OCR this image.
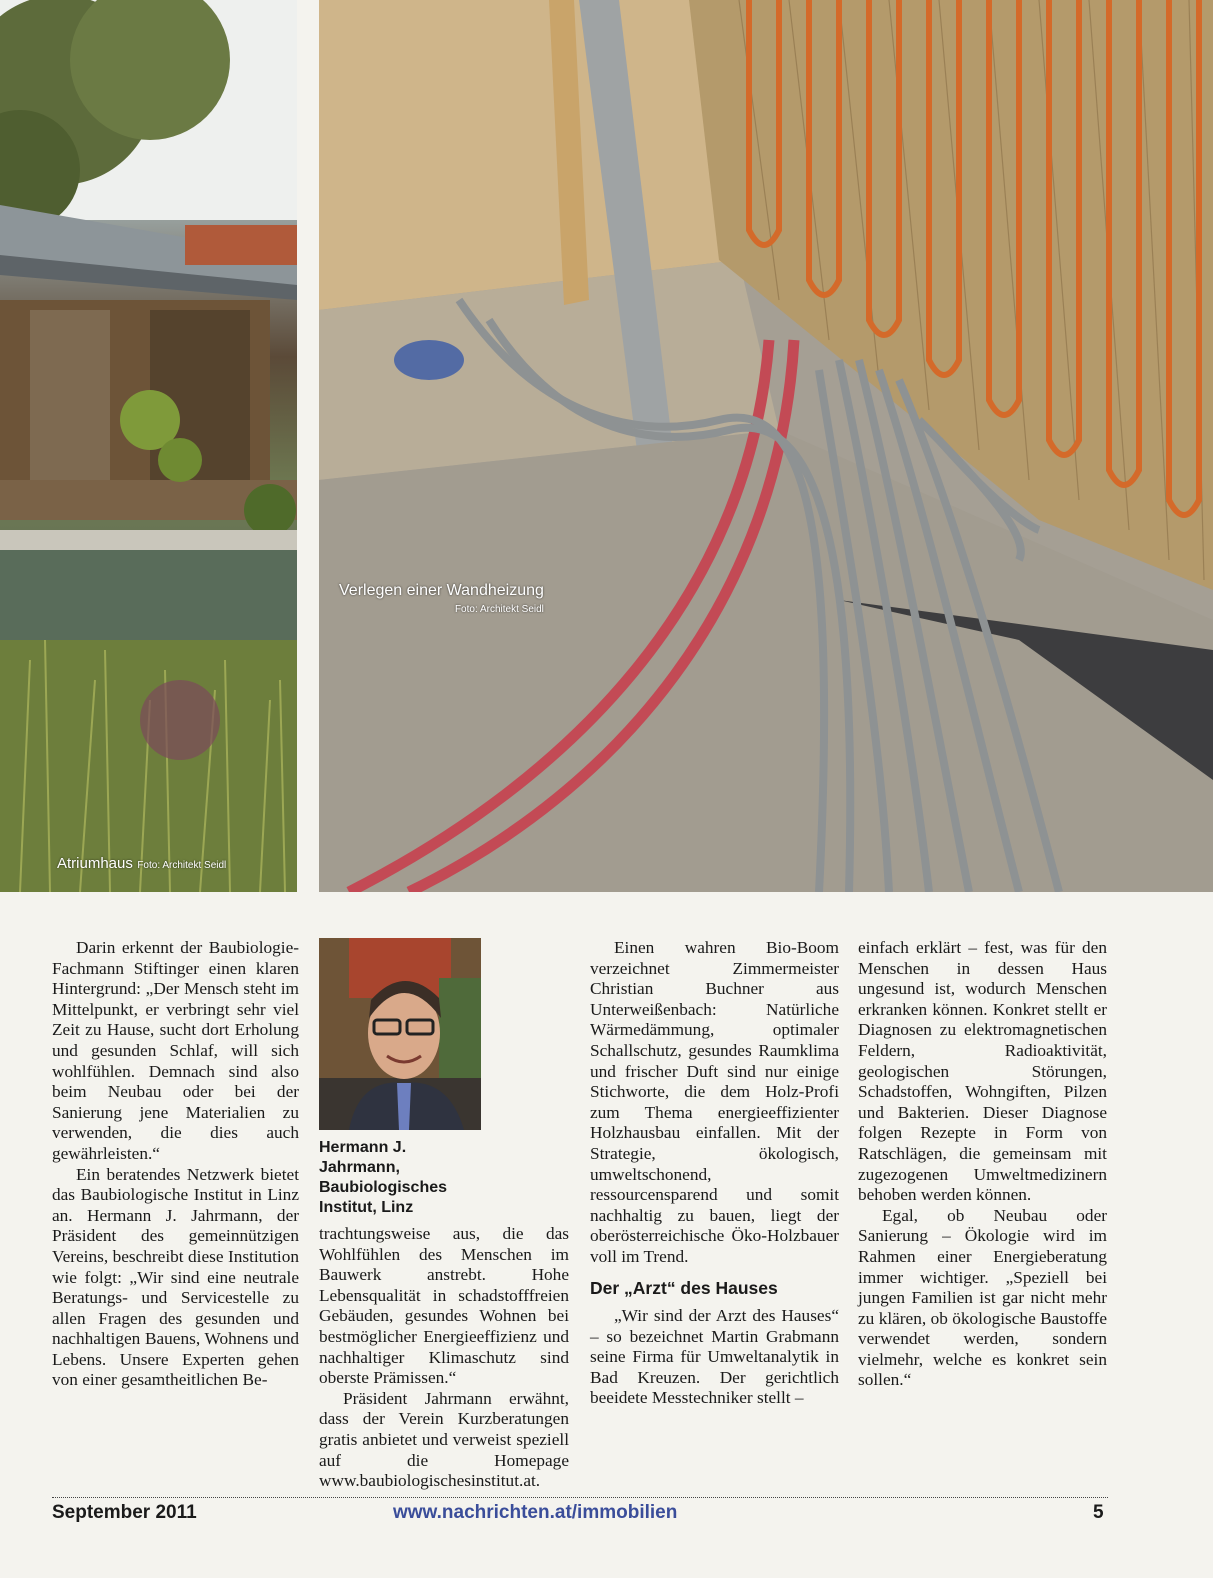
Atriumhaus Foto: Architekt Seidl
Verlegen einer Wandheizung
Foto: Architekt Seidl

Darin erkennt der Baubiologie-Fachmann Stiftinger einen klaren Hintergrund: „Der Mensch steht im Mittelpunkt, er verbringt sehr viel Zeit zu Hause, sucht dort Erholung und gesunden Schlaf, will sich wohlfühlen. Demnach sind also beim Neubau oder bei der Sanierung jene Materialien zu verwenden, die dies auch gewährleisten.“

Ein beratendes Netzwerk bietet das Baubiologische Institut in Linz an. Hermann J. Jahrmann, der Präsident des gemeinnützigen Vereins, beschreibt diese Institution wie folgt: „Wir sind eine neutrale Beratungs- und Servicestelle zu allen Fragen des gesunden und nachhaltigen Bauens, Wohnens und Lebens. Unsere Experten gehen von einer gesamtheitlichen Be-

Hermann J. Jahrmann, Baubiologisches Institut, Linz

trachtungsweise aus, die das Wohlfühlen des Menschen im Bauwerk anstrebt. Hohe Lebensqualität in schadstofffreien Gebäuden, gesundes Wohnen bei bestmöglicher Energieeffizienz und nachhaltiger Klimaschutz sind oberste Prämissen.“

Präsident Jahrmann erwähnt, dass der Verein Kurzberatungen gratis anbietet und verweist speziell auf die Homepage www.baubiologischesinstitut.at.

Einen wahren Bio-Boom verzeichnet Zimmermeister Christian Buchner aus Unterweißenbach: Natürliche Wärmedämmung, optimaler Schallschutz, gesundes Raumklima und frischer Duft sind nur einige Stichworte, die dem Holz-Profi zum Thema energieeffizienter Holzhausbau einfallen. Mit der Strategie, ökologisch, umweltschonend, ressourcensparend und somit nachhaltig zu bauen, liegt der oberösterreichische Öko-Holzbauer voll im Trend.

Der „Arzt“ des Hauses

„Wir sind der Arzt des Hauses“ – so bezeichnet Martin Grabmann seine Firma für Umweltanalytik in Bad Kreuzen. Der gerichtlich beeidete Messtechniker stellt –

einfach erklärt – fest, was für den Menschen in dessen Haus ungesund ist, wodurch Menschen erkranken können. Konkret stellt er Diagnosen zu elektromagnetischen Feldern, Radioaktivität, geologischen Störungen, Schadstoffen, Wohngiften, Pilzen und Bakterien. Dieser Diagnose folgen Rezepte in Form von Ratschlägen, die gemeinsam mit zugezogenen Umweltmedizinern behoben werden können.

Egal, ob Neubau oder Sanierung – Ökologie wird im Rahmen einer Energieberatung immer wichtiger. „Speziell bei jungen Familien ist gar nicht mehr zu klären, ob ökologische Baustoffe verwendet werden, sondern vielmehr, welche es konkret sein sollen.“

September 2011	www.nachrichten.at/immobilien	5
